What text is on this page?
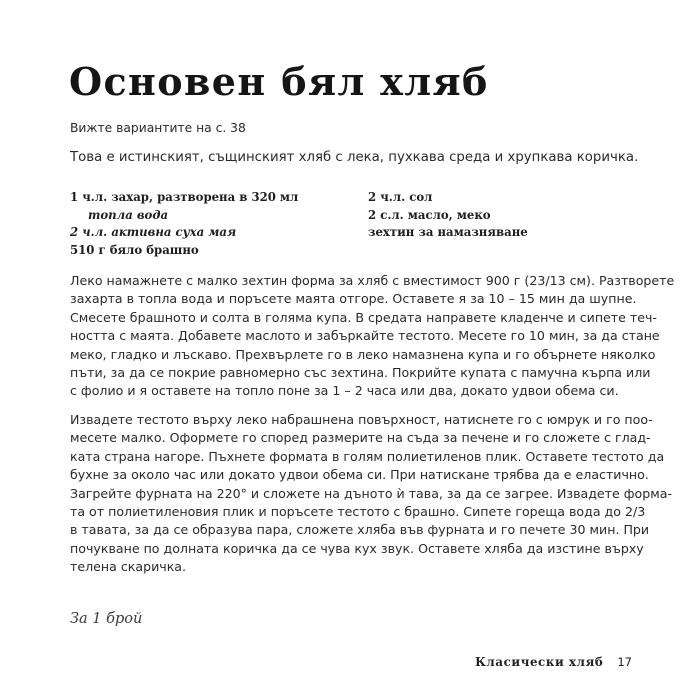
Основен бял хляб

Вижте вариантите на с. 38

Това е истинският, същинският хляб с лека, пухкава среда и хрупкава коричка.

1 ч.л. захар, разтворена в 320 мл
топла вода
2 ч.л. активна суха мая
510 г бяло брашно
2 ч.л. сол
2 с.л. масло, меко
зехтин за намазняване

Леко намажнете с малко зехтин форма за хляб с вместимост 900 г (23/13 см). Разтворете
захарта в топла вода и поръсете маята отгоре. Оставете я за 10 – 15 мин да шупне.
Смесете брашното и солта в голяма купа. В средата направете кладенче и сипете теч-
ността с маята. Добавете маслото и забъркайте тестото. Месете го 10 мин, за да стане
меко, гладко и лъскаво. Прехвърлете го в леко намазнена купа и го обърнете няколко
пъти, за да се покрие равномерно със зехтина. Покрийте купата с памучна кърпа или
с фолио и я оставете на топло поне за 1 – 2 часа или два, докато удвои обема си.

Извадете тестото върху леко набрашнена повърхност, натиснете го с юмрук и го поо-
месете малко. Оформете го според размерите на съда за печене и го сложете с глад-
ката страна нагоре. Пъхнете формата в голям полиетиленов плик. Оставете тестото да
бухне за около час или докато удвои обема си. При натискане трябва да е еластично.
Загрейте фурната на 220° и сложете на дъното ѝ тава, за да се загрее. Извадете форма-
та от полиетиленовия плик и поръсете тестото с брашно. Сипете гореща вода до 2/3
в тавата, за да се образува пара, сложете хляба във фурната и го печете 30 мин. При
почукване по долната коричка да се чува кух звук. Оставете хляба да изстине върху
телена скаричка.

За 1 брой

Класически хляб 17
